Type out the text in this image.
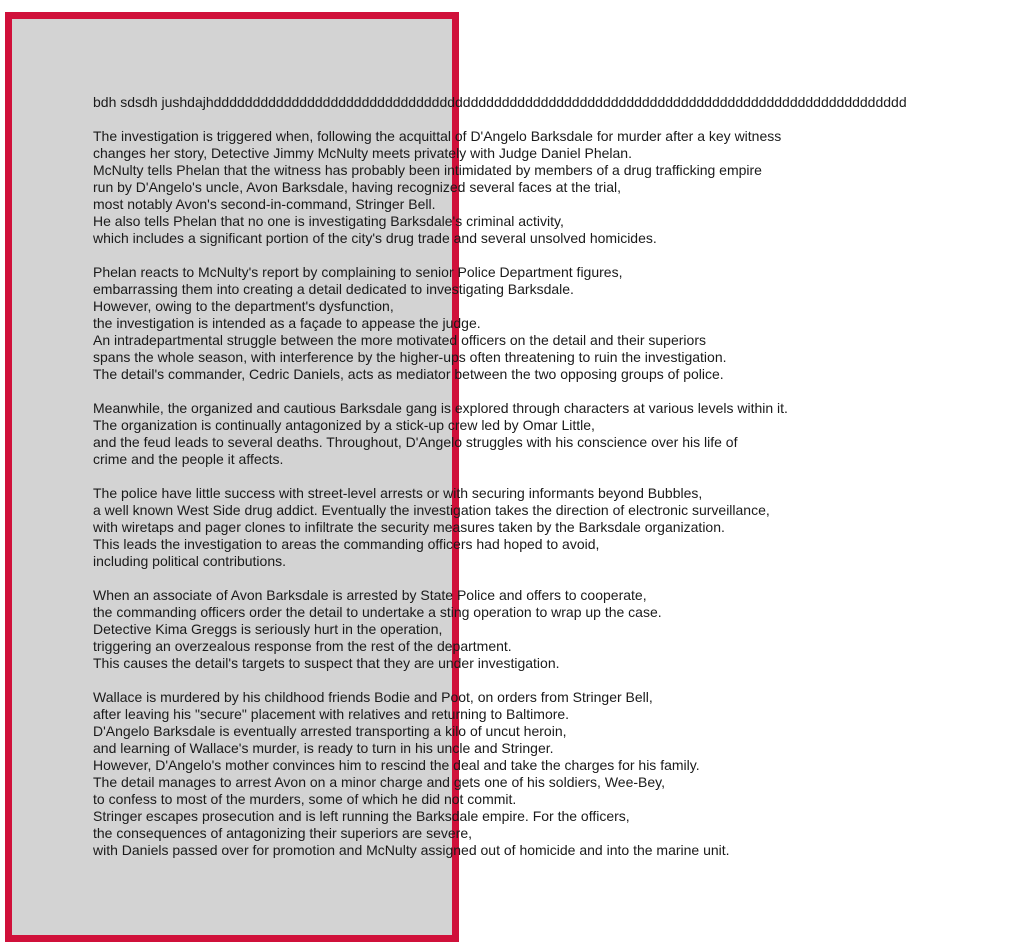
bdh sdsdh jushdajhddddddddddddddddddddddddddddddddddddddddddddddddddddddddddddddddddddddddddddddddddddddddd
The investigation is triggered when, following the acquittal of D'Angelo Barksdale for murder after a key witness
changes her story, Detective Jimmy McNulty meets privately with Judge Daniel Phelan.
McNulty tells Phelan that the witness has probably been intimidated by members of a drug trafficking empire
run by D'Angelo's uncle, Avon Barksdale, having recognized several faces at the trial,
most notably Avon's second-in-command, Stringer Bell.
He also tells Phelan that no one is investigating Barksdale's criminal activity,
which includes a significant portion of the city's drug trade and several unsolved homicides.
Phelan reacts to McNulty's report by complaining to senior Police Department figures,
embarrassing them into creating a detail dedicated to investigating Barksdale.
However, owing to the department's dysfunction,
the investigation is intended as a façade to appease the judge.
An intradepartmental struggle between the more motivated officers on the detail and their superiors
spans the whole season, with interference by the higher-ups often threatening to ruin the investigation.
The detail's commander, Cedric Daniels, acts as mediator between the two opposing groups of police.
Meanwhile, the organized and cautious Barksdale gang is explored through characters at various levels within it.
The organization is continually antagonized by a stick-up crew led by Omar Little,
and the feud leads to several deaths. Throughout, D'Angelo struggles with his conscience over his life of
crime and the people it affects.
The police have little success with street-level arrests or with securing informants beyond Bubbles,
a well known West Side drug addict. Eventually the investigation takes the direction of electronic surveillance,
with wiretaps and pager clones to infiltrate the security measures taken by the Barksdale organization.
This leads the investigation to areas the commanding officers had hoped to avoid,
including political contributions.
When an associate of Avon Barksdale is arrested by State Police and offers to cooperate,
the commanding officers order the detail to undertake a sting operation to wrap up the case.
Detective Kima Greggs is seriously hurt in the operation,
triggering an overzealous response from the rest of the department.
This causes the detail's targets to suspect that they are under investigation.
Wallace is murdered by his childhood friends Bodie and Poot, on orders from Stringer Bell,
after leaving his "secure" placement with relatives and returning to Baltimore.
D'Angelo Barksdale is eventually arrested transporting a kilo of uncut heroin,
and learning of Wallace's murder, is ready to turn in his uncle and Stringer.
However, D'Angelo's mother convinces him to rescind the deal and take the charges for his family.
The detail manages to arrest Avon on a minor charge and gets one of his soldiers, Wee-Bey,
to confess to most of the murders, some of which he did not commit.
Stringer escapes prosecution and is left running the Barksdale empire. For the officers,
the consequences of antagonizing their superiors are severe,
with Daniels passed over for promotion and McNulty assigned out of homicide and into the marine unit.
